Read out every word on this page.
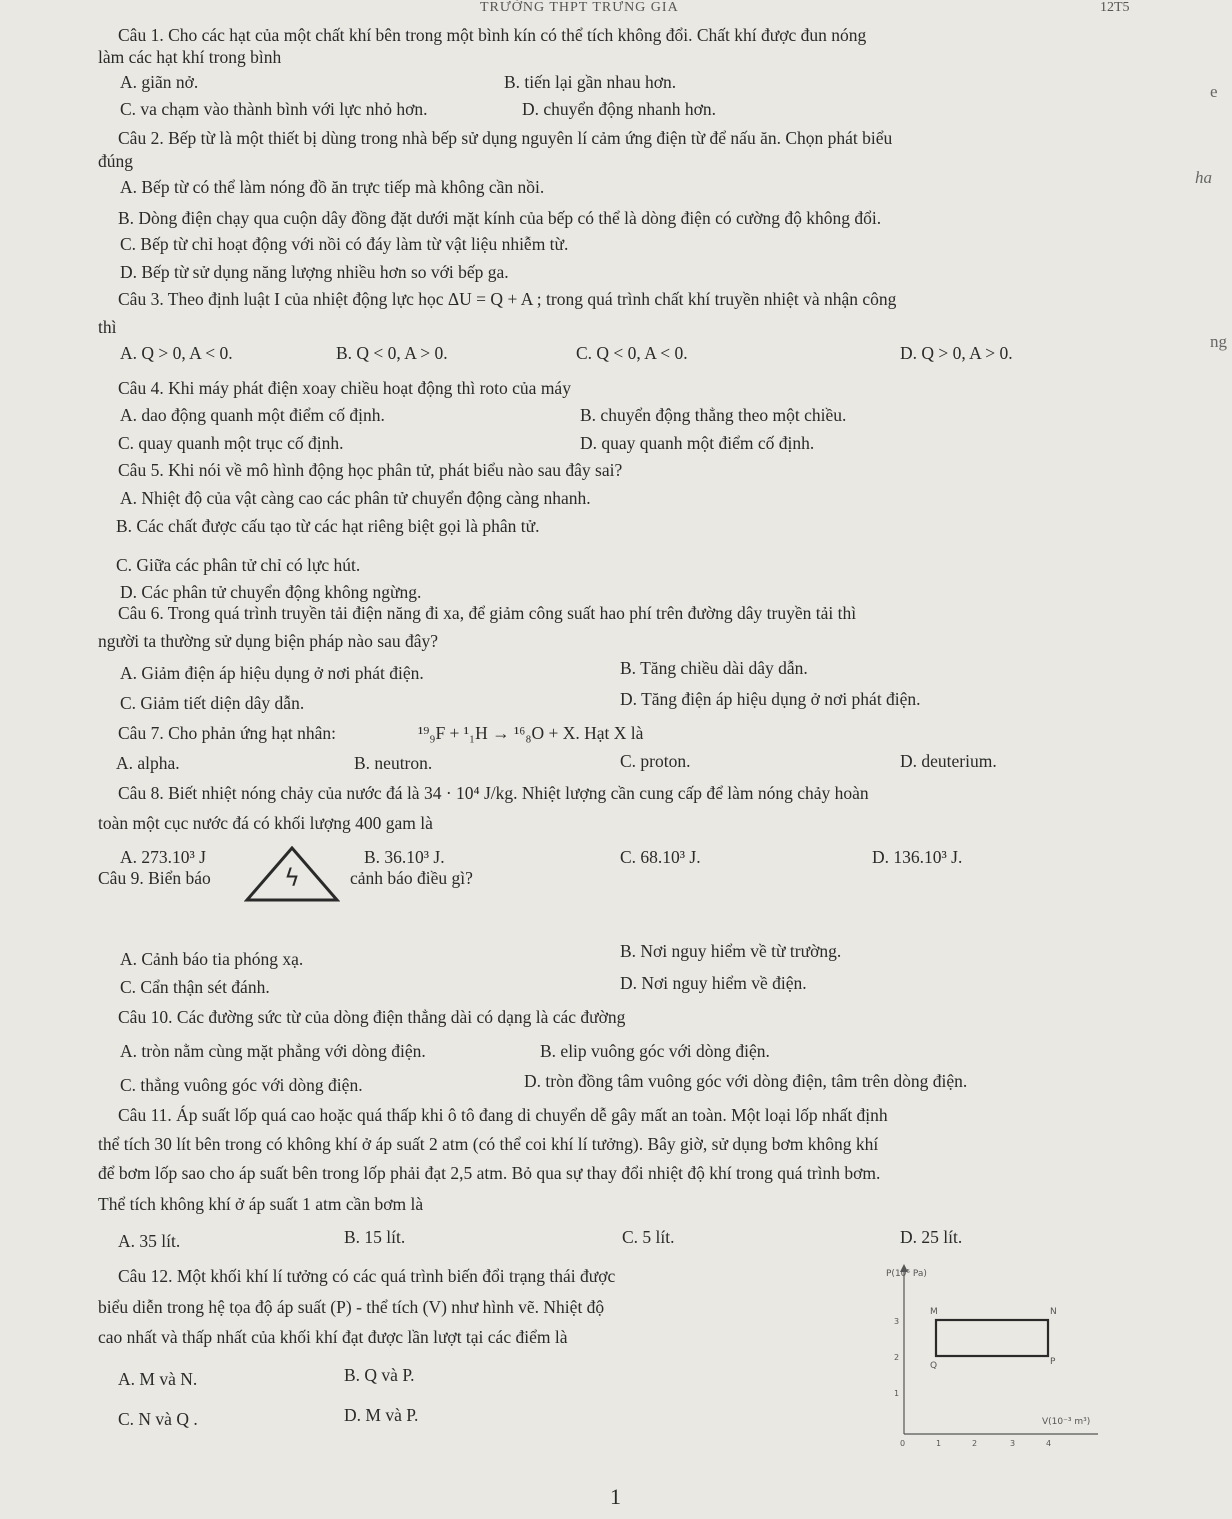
TRƯỜNG THPT TRƯNG GIA	12T5
Câu 1. Cho các hạt của một chất khí bên trong một bình kín có thể tích không đổi. Chất khí được đun nóng
làm các hạt khí trong bình
A. giãn nở.	B. tiến lại gần nhau hơn.
C. va chạm vào thành bình với lực nhỏ hơn.	D. chuyển động nhanh hơn.
e
Câu 2. Bếp từ là một thiết bị dùng trong nhà bếp sử dụng nguyên lí cảm ứng điện từ để nấu ăn. Chọn phát biểu
đúng
A. Bếp từ có thể làm nóng đồ ăn trực tiếp mà không cần nồi.
B. Dòng điện chạy qua cuộn dây đồng đặt dưới mặt kính của bếp có thể là dòng điện có cường độ không đổi.
C. Bếp từ chỉ hoạt động với nồi có đáy làm từ vật liệu nhiễm từ.
D. Bếp từ sử dụng năng lượng nhiều hơn so với bếp ga.
ha
Câu 3. Theo định luật I của nhiệt động lực học ΔU = Q + A ; trong quá trình chất khí truyền nhiệt và nhận công
thì
A. Q > 0, A < 0.	B. Q < 0, A > 0.	C. Q < 0, A < 0.	D. Q > 0, A > 0.
ng
Câu 4. Khi máy phát điện xoay chiều hoạt động thì roto của máy
A. dao động quanh một điểm cố định.	B. chuyển động thẳng theo một chiều.
C. quay quanh một trục cố định.	D. quay quanh một điểm cố định.
Câu 5. Khi nói về mô hình động học phân tử, phát biểu nào sau đây sai?
A. Nhiệt độ của vật càng cao các phân tử chuyển động càng nhanh.
B. Các chất được cấu tạo từ các hạt riêng biệt gọi là phân tử.
C. Giữa các phân tử chỉ có lực hút.
D. Các phân tử chuyển động không ngừng.
Câu 6. Trong quá trình truyền tải điện năng đi xa, để giảm công suất hao phí trên đường dây truyền tải thì
người ta thường sử dụng biện pháp nào sau đây?
A. Giảm điện áp hiệu dụng ở nơi phát điện.	B. Tăng chiều dài dây dẫn.
C. Giảm tiết diện dây dẫn.	D. Tăng điện áp hiệu dụng ở nơi phát điện.
Câu 7. Cho phản ứng hạt nhân:	¹⁹₉F + ¹₁H → ¹⁶₈O + X. Hạt X là
A. alpha.	B. neutron.	C. proton.	D. deuterium.
Câu 8. Biết nhiệt nóng chảy của nước đá là 34 · 10⁴ J/kg. Nhiệt lượng cần cung cấp để làm nóng chảy hoàn
toàn một cục nước đá có khối lượng 400 gam là
A. 273.10³ J	B. 36.10³ J.	C. 68.10³ J.	D. 136.10³ J.
Câu 9. Biển báo	ϟ	cảnh báo điều gì?
A. Cảnh báo tia phóng xạ.	B. Nơi nguy hiểm về từ trường.
C. Cẩn thận sét đánh.	D. Nơi nguy hiểm về điện.
Câu 10. Các đường sức từ của dòng điện thẳng dài có dạng là các đường
A. tròn nằm cùng mặt phẳng với dòng điện.	B. elip vuông góc với dòng điện.
C. thẳng vuông góc với dòng điện.	D. tròn đồng tâm vuông góc với dòng điện, tâm trên dòng điện.
Câu 11. Áp suất lốp quá cao hoặc quá thấp khi ô tô đang di chuyển dễ gây mất an toàn. Một loại lốp nhất định
thể tích 30 lít bên trong có không khí ở áp suất 2 atm (có thể coi khí lí tưởng). Bây giờ, sử dụng bơm không khí
để bơm lốp sao cho áp suất bên trong lốp phải đạt 2,5 atm. Bỏ qua sự thay đổi nhiệt độ khí trong quá trình bơm.
Thể tích không khí ở áp suất 1 atm cần bơm là
A. 35 lít.	B. 15 lít.	C. 5 lít.	D. 25 lít.
Câu 12. Một khối khí lí tưởng có các quá trình biến đổi trạng thái được
biểu diễn trong hệ tọa độ áp suất (P) - thể tích (V) như hình vẽ. Nhiệt độ
cao nhất và thấp nhất của khối khí đạt được lần lượt tại các điểm là
A. M và N.	B. Q và P.
C. N và Q .	D. M và P.
P(10⁵ Pa)
V(10⁻³ m³)
M	N
Q	P
3
2
1
0	1	2	3	4
1
